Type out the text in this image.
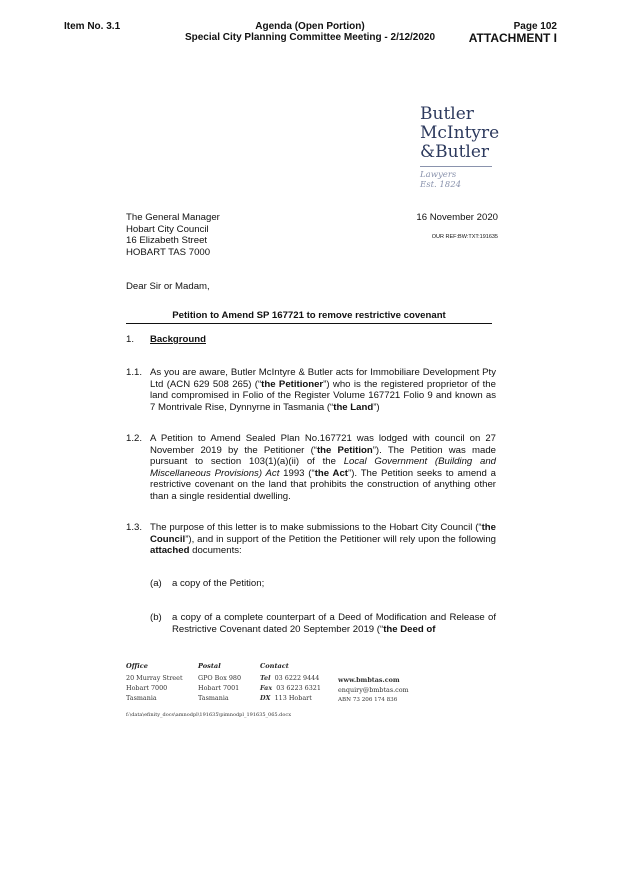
Item No. 3.1	Agenda (Open Portion)
Special City Planning Committee Meeting - 2/12/2020
Page 102
ATTACHMENT I
Butler
McIntyre
&Butler
Lawyers
Est. 1824
The General Manager
Hobart City Council
16 Elizabeth Street
HOBART TAS 7000
16 November 2020
OUR REF:BW:TXT:191635
Dear Sir or Madam,
Petition to Amend SP 167721 to remove restrictive covenant
1. Background
1.1. As you are aware, Butler McIntyre & Butler acts for Immobiliare Development Pty Ltd (ACN 629 508 265) (“the Petitioner”) who is the registered proprietor of the land compromised in Folio of the Register Volume 167721 Folio 9 and known as 7 Montrivale Rise, Dynnyrne in Tasmania (“the Land”)
1.2. A Petition to Amend Sealed Plan No.167721 was lodged with council on 27 November 2019 by the Petitioner (“the Petition”). The Petition was made pursuant to section 103(1)(a)(ii) of the Local Government (Building and Miscellaneous Provisions) Act 1993 (“the Act”). The Petition seeks to amend a restrictive covenant on the land that prohibits the construction of anything other than a single residential dwelling.
1.3. The purpose of this letter is to make submissions to the Hobart City Council (“the Council”), and in support of the Petition the Petitioner will rely upon the following attached documents:
(a) a copy of the Petition;
(b) a copy of a complete counterpart of a Deed of Modification and Release of Restrictive Covenant dated 20 September 2019 (“the Deed of
Office
20 Murray Street
Hobart 7000
Tasmania
Postal
GPO Box 980
Hobart 7001
Tasmania
Contact
Tel 03 6222 9444
Fax 03 6223 6321
DX 113 Hobart
www.bmbtas.com
enquiry@bmbtas.com
ABN 73 206 174 836
f:\data\efinity_docs\amnodpl\191635\pimnodpl_191635_065.docx
